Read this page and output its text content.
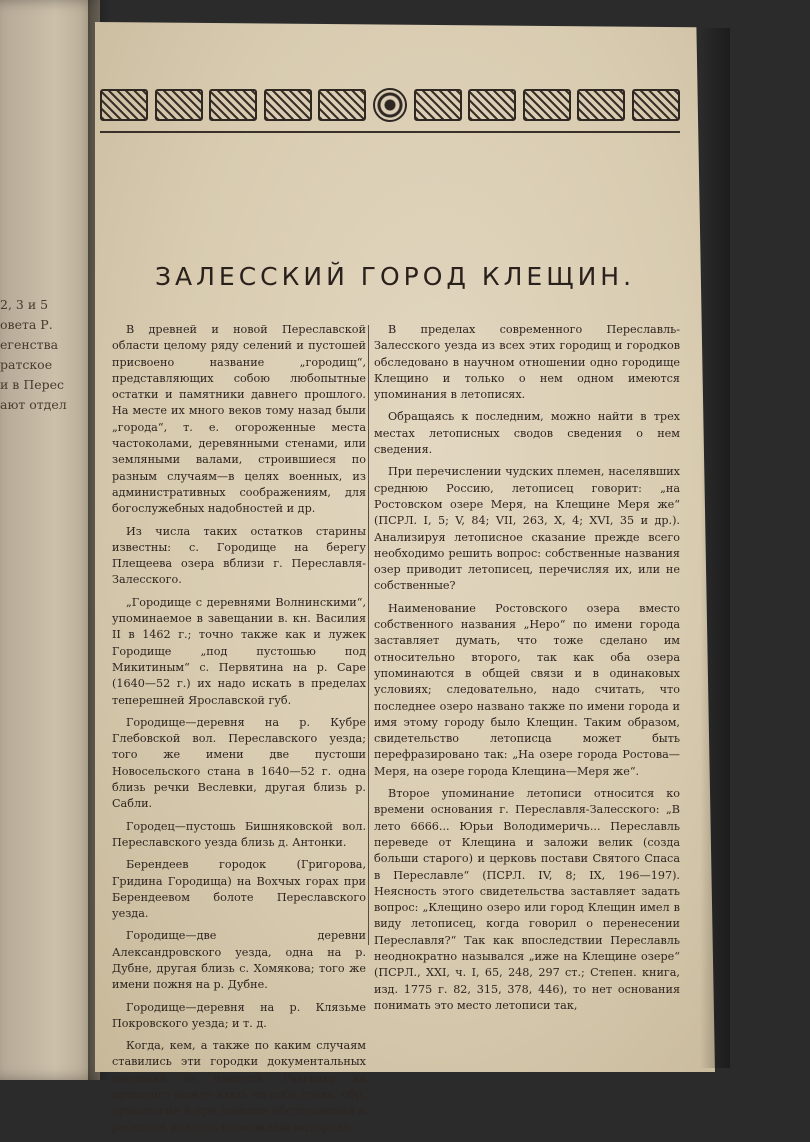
2, 3 и 5
овета Р.
егенства
ратское
и в Перес
ают отдел
ЗАЛЕССКИЙ ГОРОД КЛЕЩИН.

В древней и новой Переславской области целому ряду селений и пустошей присвоено название „городищ“, представляющих собою любопытные остатки и памятники давнего прошлого. На месте их много веков тому назад были „города“, т. е. огороженные места частоколами, деревянными стенами, или земляными валами, строившиеся по разным случаям—в целях военных, из административных соображениям, для богослужебных надобностей и др.

Из числа таких остатков старины известны: с. Городище на берегу Плещеева озера вблизи г. Переславля-Залесского.

„Городище с деревнями Волнинскими“, упоминаемое в завещании в. кн. Василия II в 1462 г.; точно также как и лужек Городище „под пустошью под Микитиным“ с. Первятина на р. Саре (1640—52 г.) их надо искать в пределах теперешней Ярославской губ.

Городище—деревня на р. Кубре Глебовской вол. Переславского уезда; того же имени две пустоши Новосельского стана в 1640—52 г. одна близь речки Веслевки, другая близь р. Сабли.

Городец—пустошь Бишняковской вол. Переславского уезда близь д. Антонки.

Берендеев городок (Григорова, Гридина Городища) на Вохчых горах при Берендеевом болоте Переславского уезда.

Городище—две деревни Александровского уезда, одна на р. Дубне, другая близь с. Хомякова; того же имени пожня на р. Дубне.

Городище—деревня на р. Клязьме Покровского уезда; и т. д.

Когда, кем, а также по каким случаям ставились эти городки документальных сведений не имеется. Разгадку их прошлого может взять на себя главн. обр. археология и при помощи обследований и раскопок извлечь возможный материал.

В пределах современного Переславль-Залесского уезда из всех этих городищ и городков обследовано в научном отношении одно городище Клещино и только о нем одном имеются упоминания в летописях.

Обращаясь к последним, можно найти в трех местах летописных сводов сведения о нем сведения.

При перечислении чудских племен, населявших среднюю Россию, летописец говорит: „на Ростовском озере Меря, на Клещине Меря же“ (ПСРЛ. I, 5; V, 84; VII, 263, X, 4; XVI, 35 и др.). Анализируя летописное сказание прежде всего необходимо решить вопрос: собственные названия озер приводит летописец, перечисляя их, или не собственные?

Наименование Ростовского озера вместо собственного названия „Неро“ по имени города заставляет думать, что тоже сделано им относительно второго, так как оба озера упоминаются в общей связи и в одинаковых условиях; следовательно, надо считать, что последнее озеро названо также по имени города и имя этому городу было Клещин. Таким образом, свидетельство летописца может быть перефразировано так: „На озере города Ростова—Меря, на озере города Клещина—Меря же“.

Второе упоминание летописи относится ко времени основания г. Переславля-Залесского: „В лето 6666... Юрьи Володимеричь... Переславль переведе от Клещина и заложи велик (созда больши старого) и церковь постави Святого Спаса в Переславле“ (ПСРЛ. IV, 8; IX, 196—197). Неясность этого свидетельства заставляет задать вопрос: „Клещино озеро или город Клещин имел в виду летописец, когда говорил о перенесении Переславля?“ Так как впоследствии Переславль неоднократно назывался „иже на Клещине озере“ (ПСРЛ., XXI, ч. I, 65, 248, 297 ст.; Степен. книга, изд. 1775 г. 82, 315, 378, 446), то нет основания понимать это место летописи так,
